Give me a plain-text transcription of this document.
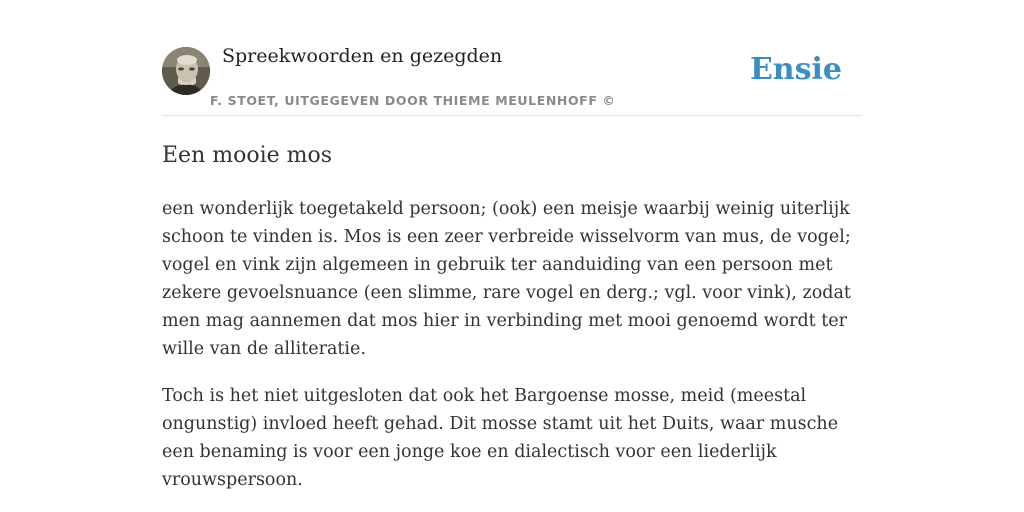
Spreekwoorden en gezegden
F. STOET, UITGEGEVEN DOOR THIEME MEULENHOFF ©
Ensie
Een mooie mos

een wonderlijk toegetakeld persoon; (ook) een meisje waarbij weinig uiterlijk schoon te vinden is. Mos is een zeer verbreide wisselvorm van mus, de vogel; vogel en vink zijn algemeen in gebruik ter aanduiding van een persoon met zekere gevoelsnuance (een slimme, rare vogel en derg.; vgl. voor vink), zodat men mag aannemen dat mos hier in verbinding met mooi genoemd wordt ter wille van de alliteratie.

Toch is het niet uitgesloten dat ook het Bargoense mosse, meid (meestal ongunstig) invloed heeft gehad. Dit mosse stamt uit het Duits, waar musche een benaming is voor een jonge koe en dialectisch voor een liederlijk vrouwspersoon.
